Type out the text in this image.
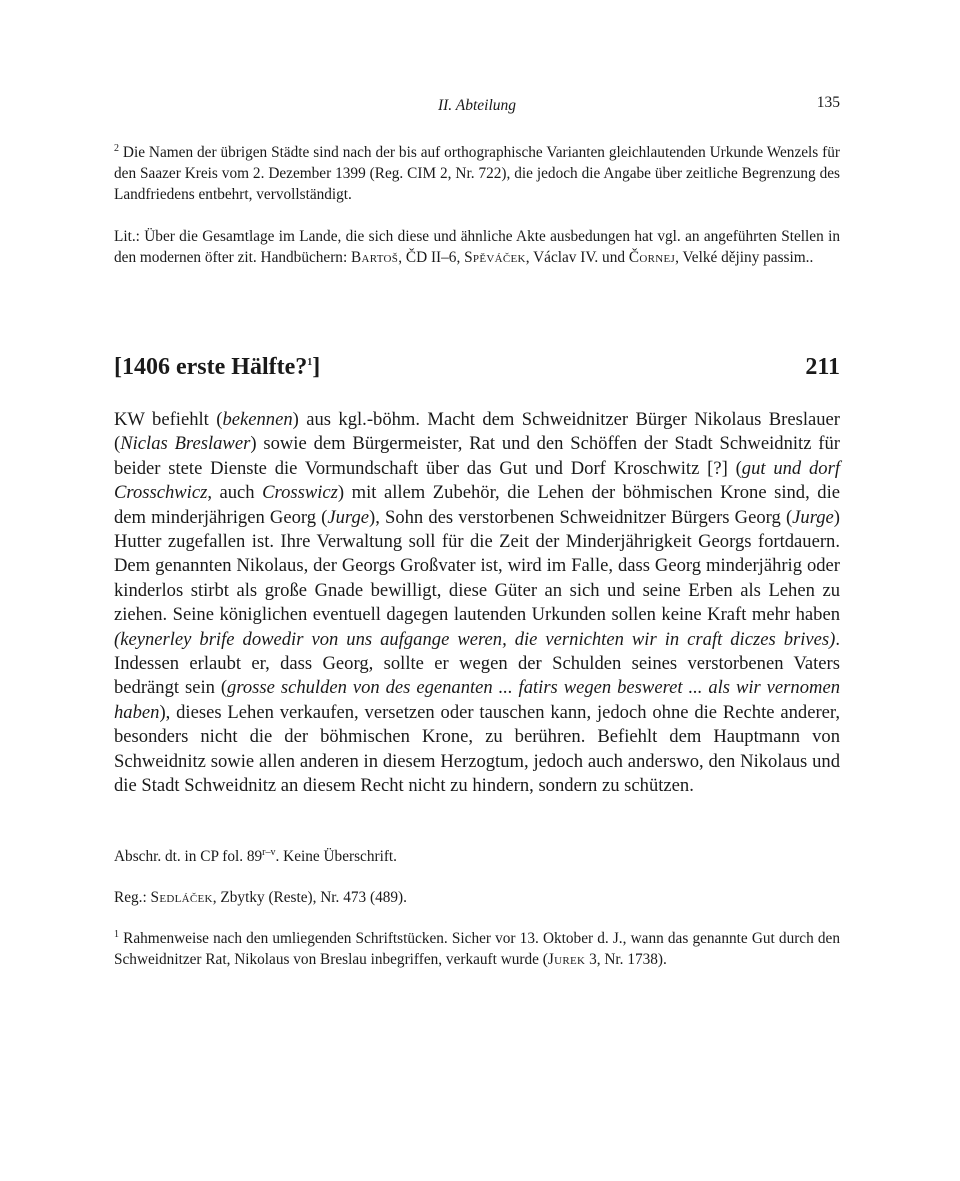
II. Abteilung	135
$^2$ Die Namen der übrigen Städte sind nach der bis auf orthographische Varianten gleichlautenden Urkunde Wenzels für den Saazer Kreis vom 2. Dezember 1399 (Reg. CIM 2, Nr. 722), die jedoch die Angabe über zeitliche Begrenzung des Landfriedens entbehrt, vervollständigt.
Lit.: Über die Gesamtlage im Lande, die sich diese und ähnliche Akte ausbedungen hat vgl. an angeführten Stellen in den modernen öfter zit. Handbüchern: Bartoš, ČD II–6, Spěváček, Václav IV. und Čornej, Velké dějiny passim..
[1406 erste Hälfte?$^1$]	211

KW befiehlt (bekennen) aus kgl.-böhm. Macht dem Schweidnitzer Bürger Nikolaus Breslauer (Niclas Breslawer) sowie dem Bürgermeister, Rat und den Schöffen der Stadt Schweidnitz für beider stete Dienste die Vormundschaft über das Gut und Dorf Kroschwitz [?] (gut und dorf Crosschwicz, auch Crosswicz) mit allem Zubehör, die Lehen der böhmischen Krone sind, die dem minderjährigen Georg (Jurge), Sohn des verstorbenen Schweidnitzer Bürgers Georg (Jurge) Hutter zugefallen ist. Ihre Verwaltung soll für die Zeit der Minderjährigkeit Georgs fortdauern. Dem genannten Nikolaus, der Georgs Großvater ist, wird im Falle, dass Georg minderjährig oder kinderlos stirbt als große Gnade bewilligt, diese Güter an sich und seine Erben als Lehen zu ziehen. Seine königlichen eventuell dagegen lautenden Urkunden sollen keine Kraft mehr haben (keynerley brife dowedir von uns aufgange weren, die vernichten wir in craft diczes brives). Indessen erlaubt er, dass Georg, sollte er wegen der Schulden seines verstorbenen Vaters bedrängt sein (grosse schulden von des egenanten ... fatirs wegen besweret ... als wir vernomen haben), dieses Lehen verkaufen, versetzen oder tauschen kann, jedoch ohne die Rechte anderer, besonders nicht die der böhmischen Krone, zu berühren. Befiehlt dem Hauptmann von Schweidnitz sowie allen anderen in diesem Herzogtum, jedoch auch anderswo, den Nikolaus und die Stadt Schweidnitz an diesem Recht nicht zu hindern, sondern zu schützen.

Abschr. dt. in CP fol. 89$^{r-v}$. Keine Überschrift.
Reg.: Sedláček, Zbytky (Reste), Nr. 473 (489).
$^1$ Rahmenweise nach den umliegenden Schriftstücken. Sicher vor 13. Oktober d. J., wann das genannte Gut durch den Schweidnitzer Rat, Nikolaus von Breslau inbegriffen, verkauft wurde (Jurek 3, Nr. 1738).
